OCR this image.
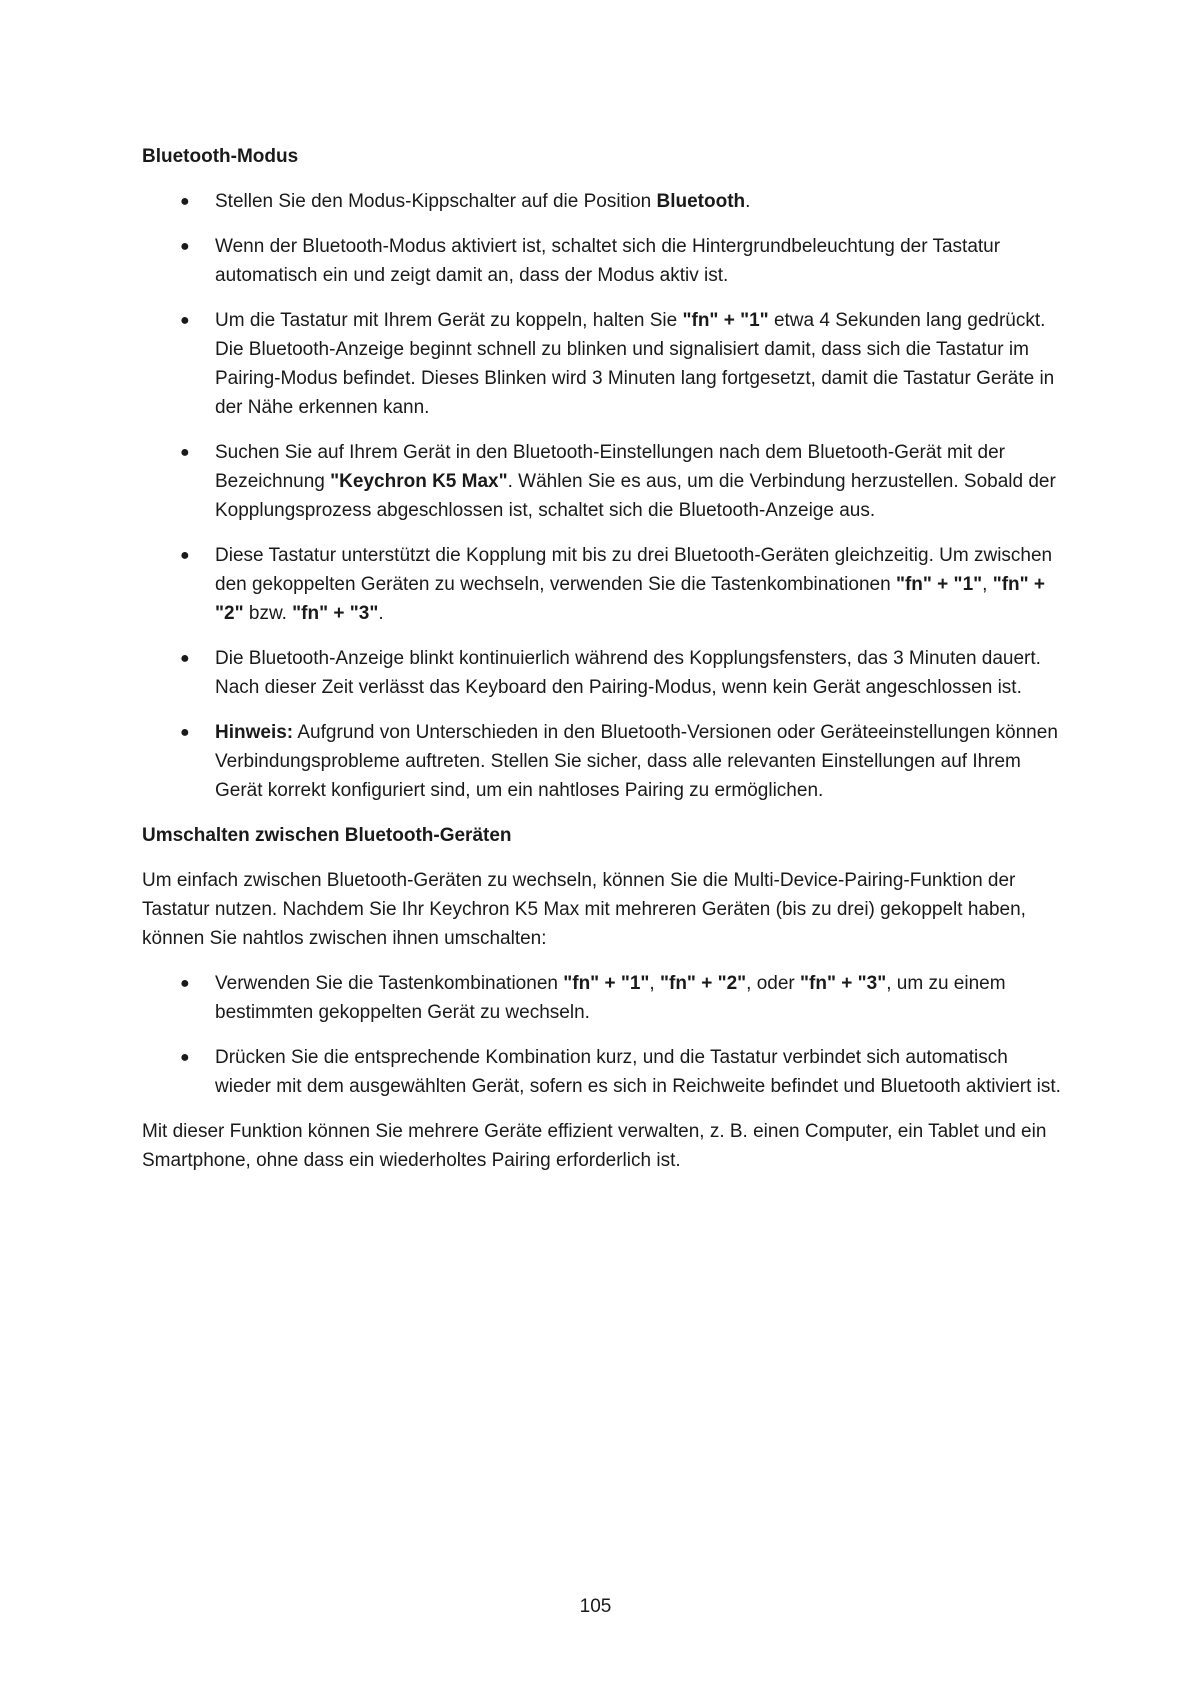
Bluetooth-Modus
● Stellen Sie den Modus-Kippschalter auf die Position Bluetooth.
● Wenn der Bluetooth-Modus aktiviert ist, schaltet sich die Hintergrundbeleuchtung der Tastatur automatisch ein und zeigt damit an, dass der Modus aktiv ist.
● Um die Tastatur mit Ihrem Gerät zu koppeln, halten Sie "fn" + "1" etwa 4 Sekunden lang gedrückt. Die Bluetooth-Anzeige beginnt schnell zu blinken und signalisiert damit, dass sich die Tastatur im Pairing-Modus befindet. Dieses Blinken wird 3 Minuten lang fortgesetzt, damit die Tastatur Geräte in der Nähe erkennen kann.
● Suchen Sie auf Ihrem Gerät in den Bluetooth-Einstellungen nach dem Bluetooth-Gerät mit der Bezeichnung "Keychron K5 Max". Wählen Sie es aus, um die Verbindung herzustellen. Sobald der Kopplungsprozess abgeschlossen ist, schaltet sich die Bluetooth-Anzeige aus.
● Diese Tastatur unterstützt die Kopplung mit bis zu drei Bluetooth-Geräten gleichzeitig. Um zwischen den gekoppelten Geräten zu wechseln, verwenden Sie die Tastenkombinationen "fn" + "1", "fn" + "2" bzw. "fn" + "3".
● Die Bluetooth-Anzeige blinkt kontinuierlich während des Kopplungsfensters, das 3 Minuten dauert. Nach dieser Zeit verlässt das Keyboard den Pairing-Modus, wenn kein Gerät angeschlossen ist.
● Hinweis: Aufgrund von Unterschieden in den Bluetooth-Versionen oder Geräteeinstellungen können Verbindungsprobleme auftreten. Stellen Sie sicher, dass alle relevanten Einstellungen auf Ihrem Gerät korrekt konfiguriert sind, um ein nahtloses Pairing zu ermöglichen.
Umschalten zwischen Bluetooth-Geräten

Um einfach zwischen Bluetooth-Geräten zu wechseln, können Sie die Multi-Device-Pairing-Funktion der Tastatur nutzen. Nachdem Sie Ihr Keychron K5 Max mit mehreren Geräten (bis zu drei) gekoppelt haben, können Sie nahtlos zwischen ihnen umschalten:

● Verwenden Sie die Tastenkombinationen "fn" + "1", "fn" + "2", oder "fn" + "3", um zu einem bestimmten gekoppelten Gerät zu wechseln.
● Drücken Sie die entsprechende Kombination kurz, und die Tastatur verbindet sich automatisch wieder mit dem ausgewählten Gerät, sofern es sich in Reichweite befindet und Bluetooth aktiviert ist.

Mit dieser Funktion können Sie mehrere Geräte effizient verwalten, z. B. einen Computer, ein Tablet und ein Smartphone, ohne dass ein wiederholtes Pairing erforderlich ist.

105
